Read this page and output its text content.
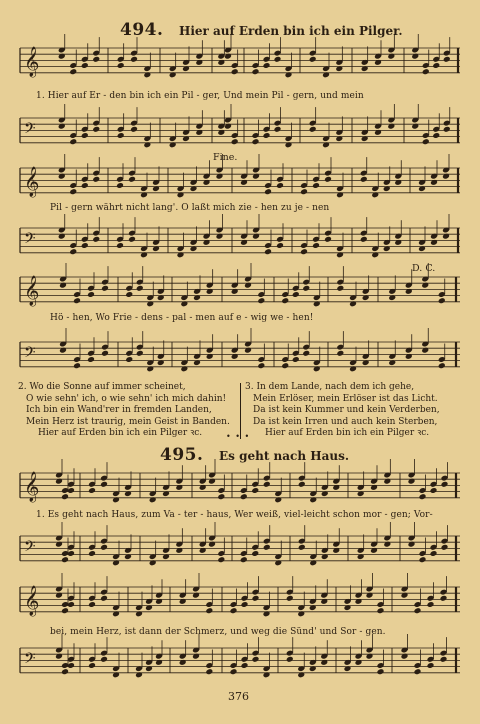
𝄞
𝄢
𝄞
𝄢
𝄞
𝄢
𝄞
𝄢
𝄞
𝄢
494. Hier auf Erden bin ich ein Pilger.
1. Hier auf Er - den bin ich ein Pil - ger, Und mein Pil - gern, und mein
Fine.
Pil - gern währt nicht lang'. O laßt mich zie - hen zu je - nen
D. C.
Hö - hen, Wo Frie - dens - pal - men auf e - wig we - hen!
2. Wo die Sonne auf immer scheinet,
O wie sehn' ich, o wie sehn' ich mich dahin!
Ich bin ein Wand'rer in fremden Landen,
Mein Herz ist traurig, mein Geist in Banden.
Hier auf Erden bin ich ein Pilger ꝛc.
3. In dem Lande, nach dem ich gehe,
Mein Erlöser, mein Erlöser ist das Licht.
Da ist kein Kummer und kein Verderben,
Da ist kein Irren und auch kein Sterben,
Hier auf Erden bin ich ein Pilger ꝛc.
• • •
495. Es geht nach Haus.
1. Es geht nach Haus, zum Va - ter - haus, Wer weiß, viel-leicht schon mor - gen; Vor-
bei, mein Herz, ist dann der Schmerz, und weg die Sünd' und Sor - gen.
376
